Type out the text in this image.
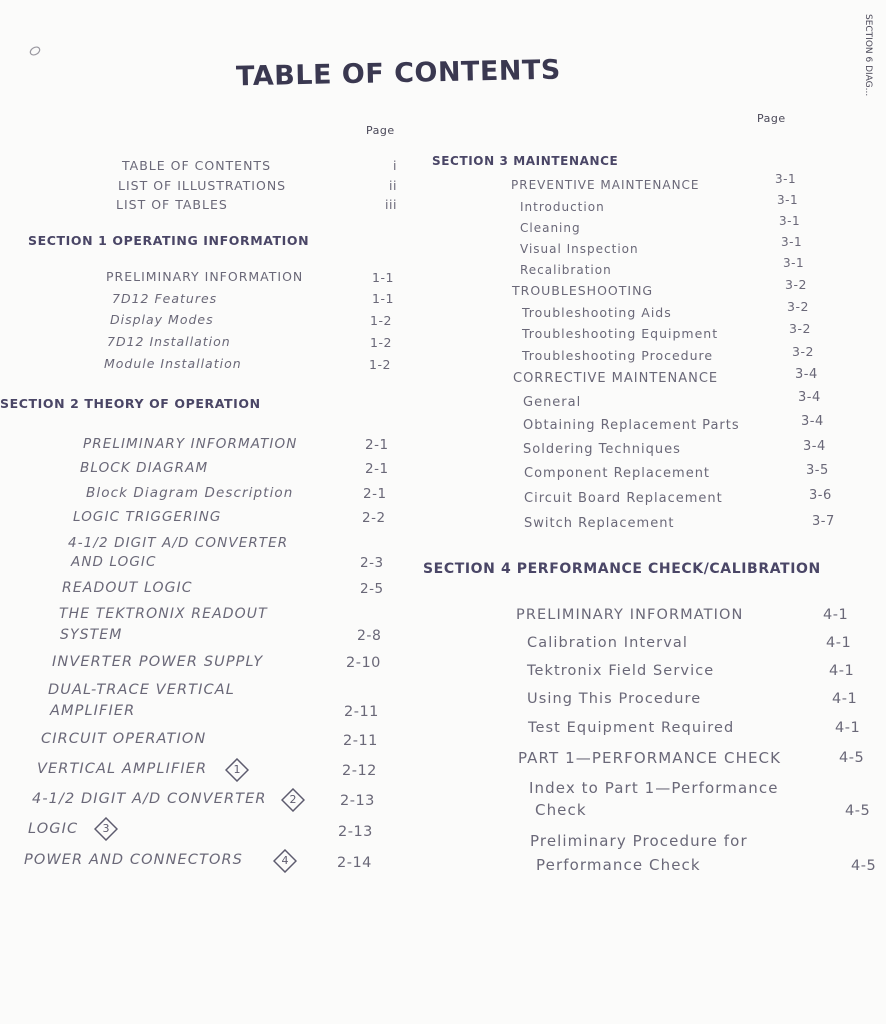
TABLE OF CONTENTS	SECTION 6 DIAG...
Page
TABLE OF CONTENTS	i
LIST OF ILLUSTRATIONS	ii
LIST OF TABLES	iii
SECTION 1 OPERATING INFORMATION
PRELIMINARY INFORMATION	1-1
7D12 Features	1-1
Display Modes	1-2
7D12 Installation	1-2
Module Installation	1-2
SECTION 2 THEORY OF OPERATION
PRELIMINARY INFORMATION	2-1
BLOCK DIAGRAM	2-1
Block Diagram Description	2-1
LOGIC TRIGGERING	2-2
4-1/2 DIGIT A/D CONVERTER
AND LOGIC	2-3
READOUT LOGIC	2-5
THE TEKTRONIX READOUT
SYSTEM	2-8
INVERTER POWER SUPPLY	2-10
DUAL-TRACE VERTICAL
AMPLIFIER	2-11
CIRCUIT OPERATION	2-11
VERTICAL AMPLIFIER	1	2-12
4-1/2 DIGIT A/D CONVERTER	2	2-13
LOGIC	3	2-13
POWER AND CONNECTORS	4	2-14
Page
SECTION 3 MAINTENANCE
PREVENTIVE MAINTENANCE	3-1
Introduction	3-1
Cleaning	3-1
Visual Inspection	3-1
Recalibration	3-1
TROUBLESHOOTING	3-2
Troubleshooting Aids	3-2
Troubleshooting Equipment	3-2
Troubleshooting Procedure	3-2
CORRECTIVE MAINTENANCE	3-4
General	3-4
Obtaining Replacement Parts	3-4
Soldering Techniques	3-4
Component Replacement	3-5
Circuit Board Replacement	3-6
Switch Replacement	3-7
SECTION 4 PERFORMANCE CHECK/CALIBRATION
PRELIMINARY INFORMATION	4-1
Calibration Interval	4-1
Tektronix Field Service	4-1
Using This Procedure	4-1
Test Equipment Required	4-1
PART 1—PERFORMANCE CHECK	4-5
Index to Part 1—Performance
Check	4-5
Preliminary Procedure for
Performance Check	4-5
